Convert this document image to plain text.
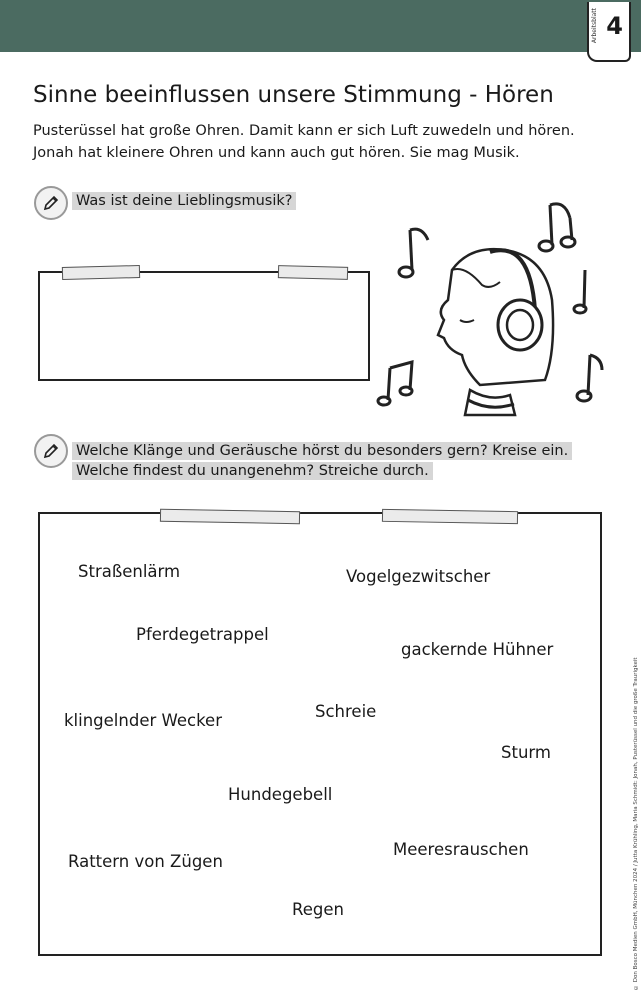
Arbeitsblatt 4
Sinne beeinflussen unsere Stimmung - Hören

Pusterüssel hat große Ohren. Damit kann er sich Luft zuwedeln und hören.
Jonah hat kleinere Ohren und kann auch gut hören. Sie mag Musik.

Was ist deine Lieblingsmusik?
Welche Klänge und Geräusche hörst du besonders gern? Kreise ein.
Welche findest du unangenehm? Streiche durch.
Straßenlärm	Vogelgezwitscher
Pferdegetrappel
gackernde Hühner
klingelnder Wecker	Schreie
Sturm
Hundegebell
Rattern von Zügen
Meeresrauschen
Regen	© Don Bosco Medien GmbH, München 2024 / Jutta Krühling, Maria Schmidt: Jonah, Pusterüssel und die große Traurigkeit
